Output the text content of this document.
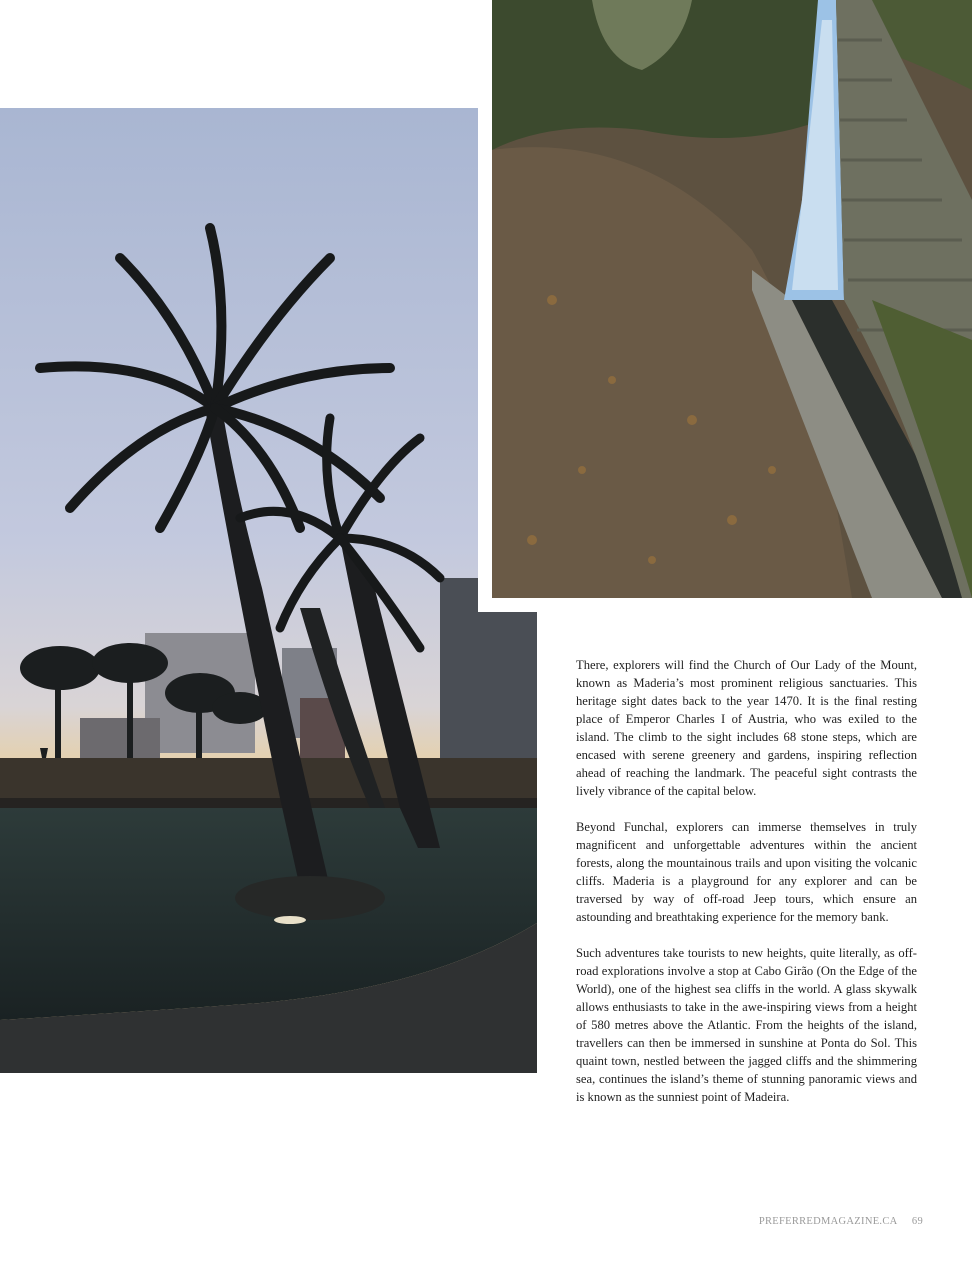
There, explorers will find the Church of Our Lady of the Mount, known as Maderia’s most prominent religious sanctuaries. This heritage sight dates back to the year 1470. It is the final resting place of Emperor Charles I of Austria, who was exiled to the island. The climb to the sight includes 68 stone steps, which are encased with serene greenery and gardens, inspiring reflection ahead of reaching the landmark. The peaceful sight contrasts the lively vibrance of the capital below.

Beyond Funchal, explorers can immerse themselves in truly magnificent and unforgettable adventures within the ancient forests, along the mountainous trails and upon visiting the volcanic cliffs. Maderia is a playground for any explorer and can be traversed by way of off-road Jeep tours, which ensure an astounding and breathtaking experience for the memory bank.

Such adventures take tourists to new heights, quite literally, as off-road explorations involve a stop at Cabo Girão (On the Edge of the World), one of the highest sea cliffs in the world. A glass skywalk allows enthusiasts to take in the awe-inspiring views from a height of 580 metres above the Atlantic. From the heights of the island, travellers can then be immersed in sunshine at Ponta do Sol. This quaint town, nestled between the jagged cliffs and the shimmering sea, continues the island’s theme of stunning panoramic views and is known as the sunniest point of Madeira.

PREFERREDMAGAZINE.CA 69
